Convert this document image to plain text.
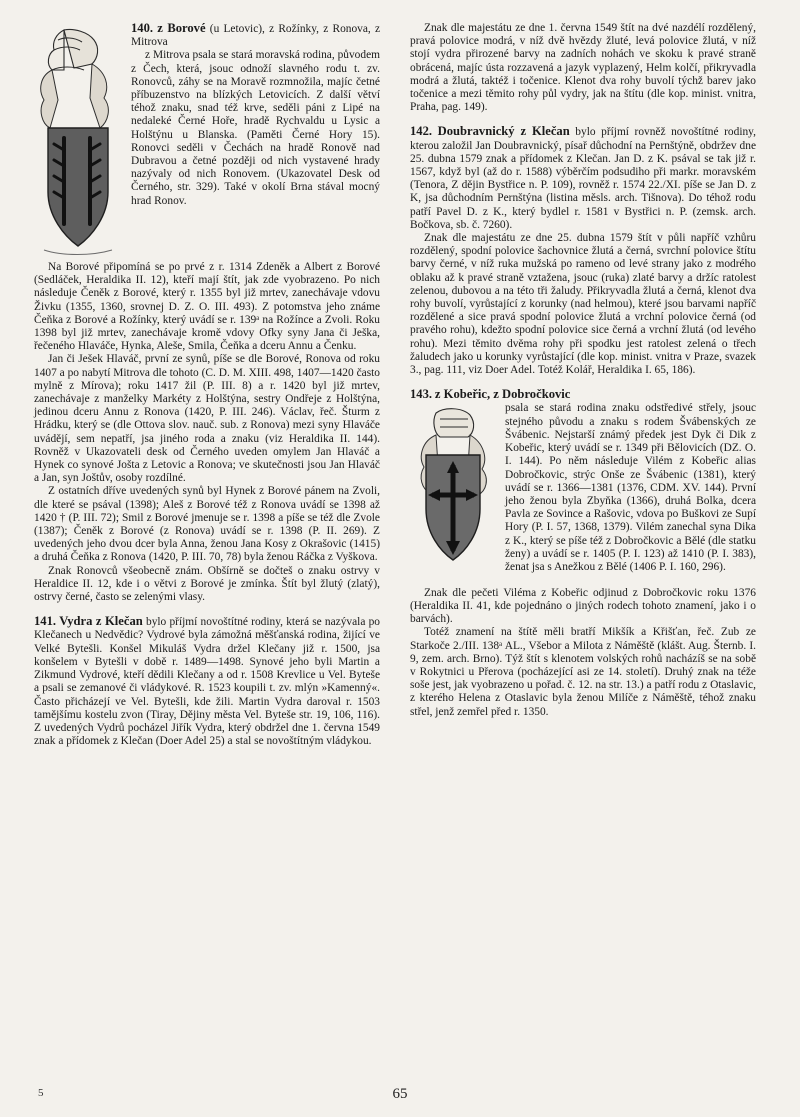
140. z Borové (u Letovic), z Rožínky, z Ronova, z Mitrova

z Mitrova psala se stará moravská rodina, původem z Čech, která, jsouc odnoží slavného rodu t. zv. Ronovců, záhy se na Moravě rozmnožila, majíc četné příbuzenstvo na blízkých Letovicích. Z další větví téhož znaku, snad též krve, seděli páni z Lipé na nedaleké Černé Hoře, hradě Rychvaldu u Lysic a Holštýnu u Blanska. (Paměti Černé Hory 15). Ronovci seděli v Čechách na hradě Ronově nad Dubravou a četné později od nich vystavené hrady nazývaly od nich Ronovem. (Ukazovatel Desk od Černého, str. 329). Také v okolí Brna stával mocný hrad Ronov.

Na Borové připomíná se po prvé z r. 1314 Zdeněk a Albert z Borové (Sedláček, Heraldika II. 12), kteří mají štít, jak zde vyobrazeno. Po nich následuje Čeněk z Borové, který r. 1355 byl již mrtev, zanechávaje vdovu Živku (1355, 1360, srovnej D. Z. O. III. 493). Z potomstva jeho známe Čeňka z Borové a Rožínky, který uvádí se r. 139ᵃ na Rožínce a Zvoli. Roku 1398 byl již mrtev, zanechávaje kromě vdovy Ofky syny Jana či Ješka, řečeného Hlaváče, Hynka, Aleše, Smila, Čeňka a dceru Annu a Čenku.

Jan či Ješek Hlaváč, první ze synů, píše se dle Borové, Ronova od roku 1407 a po nabytí Mitrova dle tohoto (C. D. M. XIII. 498, 1407—1420 často mylně z Mírova); roku 1417 žil (P. III. 8) a r. 1420 byl již mrtev, zanechávaje z manželky Markéty z Holštýna, sestry Ondřeje z Holštýna, jedinou dceru Annu z Ronova (1420, P. III. 246). Václav, řeč. Šturm z Hrádku, který se (dle Ottova slov. nauč. sub. z Ronova) mezi syny Hlaváče uvádějí, sem nepatří, jsa jiného roda a znaku (viz Heraldika II. 144). Rovněž v Ukazovateli desk od Černého uveden omylem Jan Hlaváč a Hynek co synové Jošta z Letovic a Ronova; ve skutečnosti jsou Jan Hlaváč a Jan, syn Joštův, osoby rozdílné.

Z ostatních dříve uvedených synů byl Hynek z Borové pánem na Zvoli, dle které se psával (1398); Aleš z Borové též z Ronova uvádí se 1398 až 1420 † (P. III. 72); Smil z Borové jmenuje se r. 1398 a píše se též dle Zvole (1387); Čeněk z Borové (z Ronova) uvádí se r. 1398 (P. II. 269). Z uvedených jeho dvou dcer byla Anna, ženou Jana Kosy z Okrašovic (1415) a druhá Čeňka z Ronova (1420, P. III. 70, 78) byla ženou Ráčka z Vyškova.

Znak Ronovců všeobecně znám. Obšírně se dočteš o znaku ostrvy v Heraldice II. 12, kde i o větvi z Borové je zmínka. Štít byl žlutý (zlatý), ostrvy černé, často se zelenými vlasy.

141. Vydra z Klečan bylo příjmí novoštítné rodiny, která se nazývala po Klečanech u Nedvědic? Vydrové byla zámožná měšťanská rodina, žijící ve Velké Bytešli. Konšel Mikuláš Vydra držel Klečany již r. 1500, jsa konšelem v Bytešli v době r. 1489—1498. Synové jeho byli Martin a Zikmund Vydrové, kteří dědili Klečany a od r. 1508 Krevlice u Vel. Byteše a psali se zemanové či vládykové. R. 1523 koupili t. zv. mlýn »Kamenný«. Často přicházejí ve Vel. Bytešli, kde žili. Martin Vydra daroval r. 1503 tamějšímu kostelu zvon (Tiray, Dějiny města Vel. Byteše str. 19, 106, 116). Z uvedených Vydrů pocházel Jiřík Vydra, který obdržel dne 1. června 1549 znak a přídomek z Klečan (Doer Adel 25) a stal se novoštítným vládykou.

Znak dle majestátu ze dne 1. června 1549 štít na dvé nazdélí rozdělený, pravá polovice modrá, v níž dvě hvězdy žluté, levá polovice žlutá, v níž stojí vydra přirozené barvy na zadních nohách ve skoku k pravé straně obrácená, majíc ústa rozzavená a jazyk vyplazený, Helm kolčí, přikryvadla modrá a žlutá, taktéž i točenice. Klenot dva rohy buvolí týchž barev jako točenice a mezi těmito rohy půl vydry, jak na štítu (dle kop. minist. vnitra, Praha, pag. 149).

142. Doubravnický z Klečan bylo příjmí rovněž novoštítné rodiny, kterou založil Jan Doubravnický, písař důchodní na Pernštýně, obdržev dne 25. dubna 1579 znak a přídomek z Klečan. Jan D. z K. psával se tak již r. 1567, když byl (až do r. 1588) výběrčím podsudiho při markr. moravském (Tenora, Z dějin Bystřice n. P. 109), rovněž r. 1574 22./XI. píše se Jan D. z K, jsa důchodním Pernštýna (listina měsls. arch. Tišnova). Do téhož rodu patří Pavel D. z K., který bydlel r. 1581 v Bystřici n. P. (zemsk. arch. Bočkova, sb. č. 7260).

Znak dle majestátu ze dne 25. dubna 1579 štít v půli napříč vzhůru rozdělený, spodní polovice šachovnice žlutá a černá, svrchní polovice štítu barvy černé, v níž ruka mužská po rameno od levé strany jako z modrého oblaku až k pravé straně vztažena, jsouc (ruka) zlaté barvy a držíc ratolest zelenou, dubovou a na této tři žaludy. Přikryvadla žlutá a černá, klenot dva rohy buvolí, vyrůstající z korunky (nad helmou), které jsou barvami napříč rozdělené a sice pravá spodní polovice žlutá a vrchní polovice černá (od pravého rohu), kdežto spodní polovice sice černá a vrchní žlutá (od levého rohu). Mezi těmito dvěma rohy při spodku jest ratolest zelená o třech žaludech jako u korunky vyrůstající (dle kop. minist. vnitra v Praze, svazek 3., pag. 111, viz Doer Adel. Totéž Kolář, Heraldika I. 65, 186).

143. z Kobeřic, z Dobročkovic

psala se stará rodina znaku odstředivé střely, jsouc stejného původu a znaku s rodem Švábenských ze Švábenic. Nejstarší známý předek jest Dyk či Dik z Kobeřic, který uvádí se r. 1349 při Bělovicích (DZ. O. I. 144). Po něm následuje Vilém z Kobeřic alias Dobročkovic, strýc Onše ze Švábenic (1381), který uvádí se r. 1366—1381 (1376, CDM. XV. 144). První jeho ženou byla Zbyňka (1366), druhá Bolka, dcera Pavla ze Sovince a Rašovic, vdova po Buškovi ze Supí Hory (P. I. 57, 1368, 1379). Vilém zanechal syna Dika z K., který se píše též z Dobročkovic a Bělé (dle statku ženy) a uvádí se r. 1405 (P. I. 123) až 1410 (P. I. 383), ženat jsa s Anežkou z Bělé (1406 P. I. 160, 296).

Znak dle pečeti Viléma z Kobeřic odjinud z Dobročkovic roku 1376 (Heraldika II. 41, kde pojednáno o jiných rodech tohoto znamení, jako i o barvách).

Totéž znamení na štítě měli bratří Mikšík a Křišťan, řeč. Zub ze Starkoče 2./III. 138ᵃ AL., Všebor a Milota z Náměště (klášt. Aug. Šternb. I. 9, zem. arch. Brno). Týž štít s klenotem volských rohů nacházíš se na sobě v Rokytnici u Přerova (pocházející asi ze 14. století). Druhý znak na téže soše jest, jak vyobrazeno u pořad. č. 12. na str. 13.) a patří rodu z Otaslavic, z kterého Helena z Otaslavic byla ženou Milíče z Náměště, téhož znaku střel, jenž zemřel před r. 1350.

5	65
